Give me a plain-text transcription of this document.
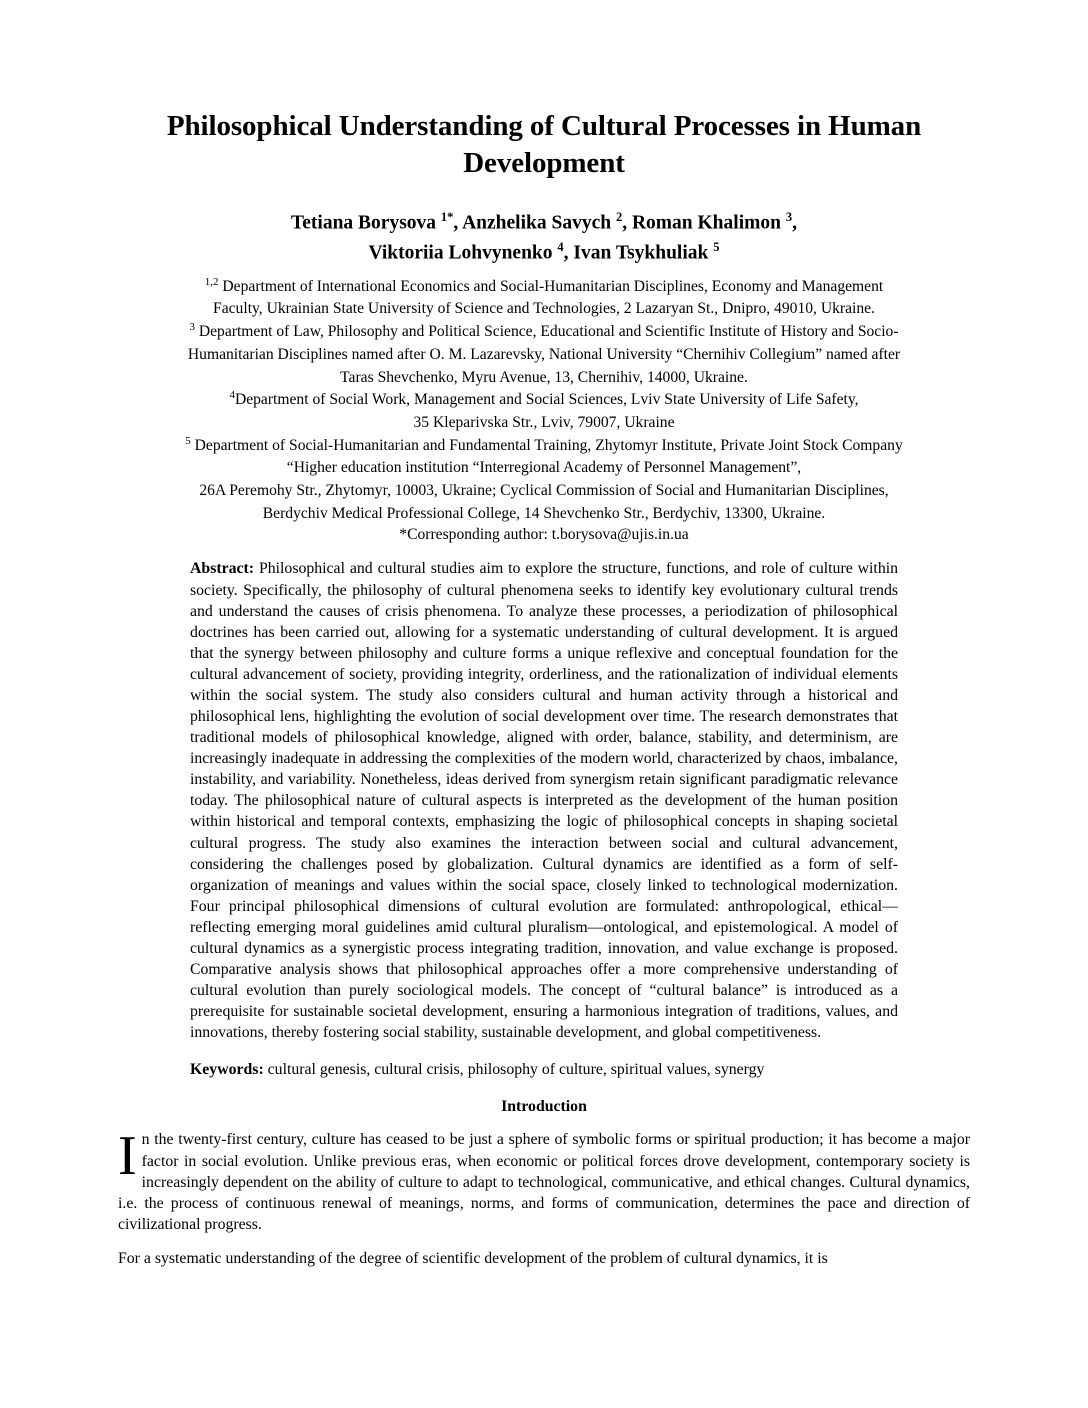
Philosophical Understanding of Cultural Processes in Human Development
Tetiana Borysova $^{1*}$, Anzhelika Savych $^2$, Roman Khalimon $^3$,
Viktoriia Lohvynenko $^4$, Ivan Tsykhuliak $^5$
$^{1,2}$ Department of International Economics and Social-Humanitarian Disciplines, Economy and Management
Faculty, Ukrainian State University of Science and Technologies, 2 Lazaryan St., Dnipro, 49010, Ukraine.
$^3$ Department of Law, Philosophy and Political Science, Educational and Scientific Institute of History and Socio-
Humanitarian Disciplines named after O. M. Lazarevsky, National University “Chernihiv Collegium” named after
Taras Shevchenko, Myru Avenue, 13, Chernihiv, 14000, Ukraine.
$^4$Department of Social Work, Management and Social Sciences, Lviv State University of Life Safety,
35 Kleparivska Str., Lviv, 79007, Ukraine
$^5$ Department of Social-Humanitarian and Fundamental Training, Zhytomyr Institute, Private Joint Stock Company
“Higher education institution “Interregional Academy of Personnel Management”,
26A Peremohy Str., Zhytomyr, 10003, Ukraine; Cyclical Commission of Social and Humanitarian Disciplines,
Berdychiv Medical Professional College, 14 Shevchenko Str., Berdychiv, 13300, Ukraine.
*Corresponding author: t.borysova@ujis.in.ua
Abstract: Philosophical and cultural studies aim to explore the structure, functions, and role of culture within society. Specifically, the philosophy of cultural phenomena seeks to identify key evolutionary cultural trends and understand the causes of crisis phenomena. To analyze these processes, a periodization of philosophical doctrines has been carried out, allowing for a systematic understanding of cultural development. It is argued that the synergy between philosophy and culture forms a unique reflexive and conceptual foundation for the cultural advancement of society, providing integrity, orderliness, and the rationalization of individual elements within the social system. The study also considers cultural and human activity through a historical and philosophical lens, highlighting the evolution of social development over time. The research demonstrates that traditional models of philosophical knowledge, aligned with order, balance, stability, and determinism, are increasingly inadequate in addressing the complexities of the modern world, characterized by chaos, imbalance, instability, and variability. Nonetheless, ideas derived from synergism retain significant paradigmatic relevance today. The philosophical nature of cultural aspects is interpreted as the development of the human position within historical and temporal contexts, emphasizing the logic of philosophical concepts in shaping societal cultural progress. The study also examines the interaction between social and cultural advancement, considering the challenges posed by globalization. Cultural dynamics are identified as a form of self-organization of meanings and values within the social space, closely linked to technological modernization. Four principal philosophical dimensions of cultural evolution are formulated: anthropological, ethical—reflecting emerging moral guidelines amid cultural pluralism—ontological, and epistemological. A model of cultural dynamics as a synergistic process integrating tradition, innovation, and value exchange is proposed. Comparative analysis shows that philosophical approaches offer a more comprehensive understanding of cultural evolution than purely sociological models. The concept of “cultural balance” is introduced as a prerequisite for sustainable societal development, ensuring a harmonious integration of traditions, values, and innovations, thereby fostering social stability, sustainable development, and global competitiveness.
Keywords: cultural genesis, cultural crisis, philosophy of culture, spiritual values, synergy
Introduction
In the twenty-first century, culture has ceased to be just a sphere of symbolic forms or spiritual production; it has become a major factor in social evolution. Unlike previous eras, when economic or political forces drove development, contemporary society is increasingly dependent on the ability of culture to adapt to technological, communicative, and ethical changes. Cultural dynamics, i.e. the process of continuous renewal of meanings, norms, and forms of communication, determines the pace and direction of civilizational progress.
For a systematic understanding of the degree of scientific development of the problem of cultural dynamics, it is
